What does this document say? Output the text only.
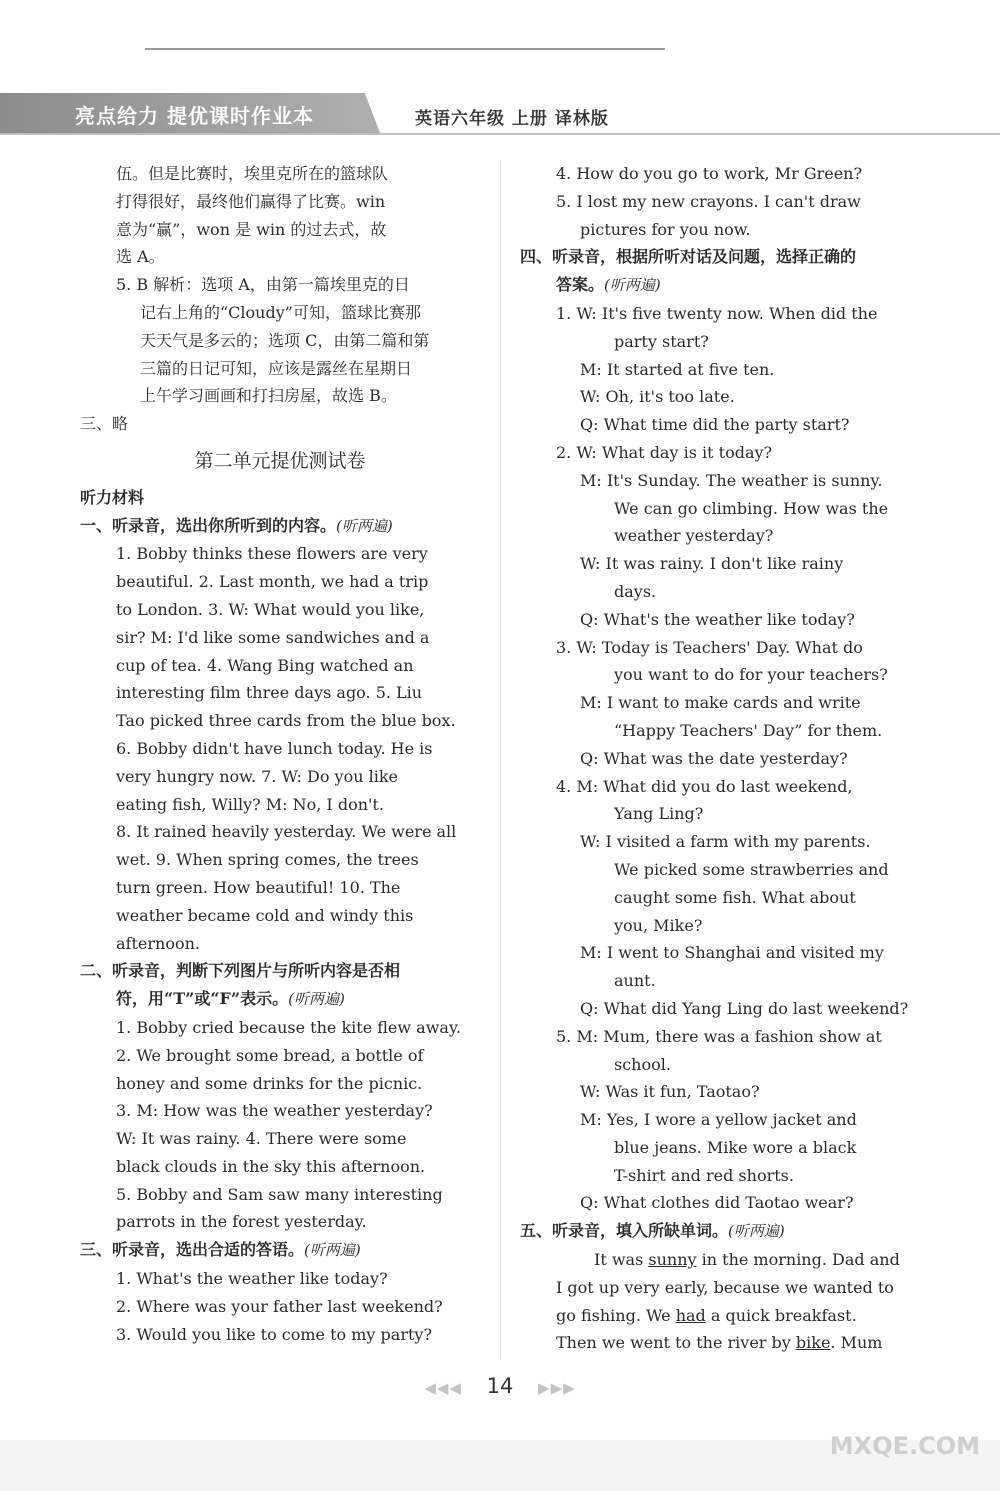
亮点给力 提优课时作业本	英语六年级 上册 译林版

伍。但是比赛时，埃里克所在的篮球队

打得很好，最终他们赢得了比赛。win

意为“赢”，won 是 win 的过去式，故

选 A。

5. B 解析：选项 A，由第一篇埃里克的日

记右上角的“Cloudy”可知，篮球比赛那

天天气是多云的；选项 C，由第二篇和第

三篇的日记可知，应该是露丝在星期日

上午学习画画和打扫房屋，故选 B。

三、略

第二单元提优测试卷

听力材料

一、听录音，选出你所听到的内容。(听两遍)

1. Bobby thinks these flowers are very

beautiful. 2. Last month, we had a trip

to London. 3. W: What would you like,

sir? M: I'd like some sandwiches and a

cup of tea. 4. Wang Bing watched an

interesting film three days ago. 5. Liu

Tao picked three cards from the blue box.

6. Bobby didn't have lunch today. He is

very hungry now. 7. W: Do you like

eating fish, Willy? M: No, I don't.

8. It rained heavily yesterday. We were all

wet. 9. When spring comes, the trees

turn green. How beautiful! 10. The

weather became cold and windy this

afternoon.

二、听录音，判断下列图片与所听内容是否相

符，用“T”或“F”表示。(听两遍)

1. Bobby cried because the kite flew away.

2. We brought some bread, a bottle of

honey and some drinks for the picnic.

3. M: How was the weather yesterday?

W: It was rainy. 4. There were some

black clouds in the sky this afternoon.

5. Bobby and Sam saw many interesting

parrots in the forest yesterday.

三、听录音，选出合适的答语。(听两遍)

1. What's the weather like today?

2. Where was your father last weekend?

3. Would you like to come to my party?

4. How do you go to work, Mr Green?

5. I lost my new crayons. I can't draw

pictures for you now.

四、听录音，根据所听对话及问题，选择正确的

答案。(听两遍)

1. W: It's five twenty now. When did the

party start?

M: It started at five ten.

W: Oh, it's too late.

Q: What time did the party start?

2. W: What day is it today?

M: It's Sunday. The weather is sunny.

We can go climbing. How was the

weather yesterday?

W: It was rainy. I don't like rainy

days.

Q: What's the weather like today?

3. W: Today is Teachers' Day. What do

you want to do for your teachers?

M: I want to make cards and write

“Happy Teachers' Day” for them.

Q: What was the date yesterday?

4. M: What did you do last weekend,

Yang Ling?

W: I visited a farm with my parents.

We picked some strawberries and

caught some fish. What about

you, Mike?

M: I went to Shanghai and visited my

aunt.

Q: What did Yang Ling do last weekend?

5. M: Mum, there was a fashion show at

school.

W: Was it fun, Taotao?

M: Yes, I wore a yellow jacket and

blue jeans. Mike wore a black

T-shirt and red shorts.

Q: What clothes did Taotao wear?

五、听录音，填入所缺单词。(听两遍)

It was sunny in the morning. Dad and

I got up very early, because we wanted to

go fishing. We had a quick breakfast.

Then we went to the river by bike. Mum

◀◀◀ 14 ▶▶▶
MXQE.COM
